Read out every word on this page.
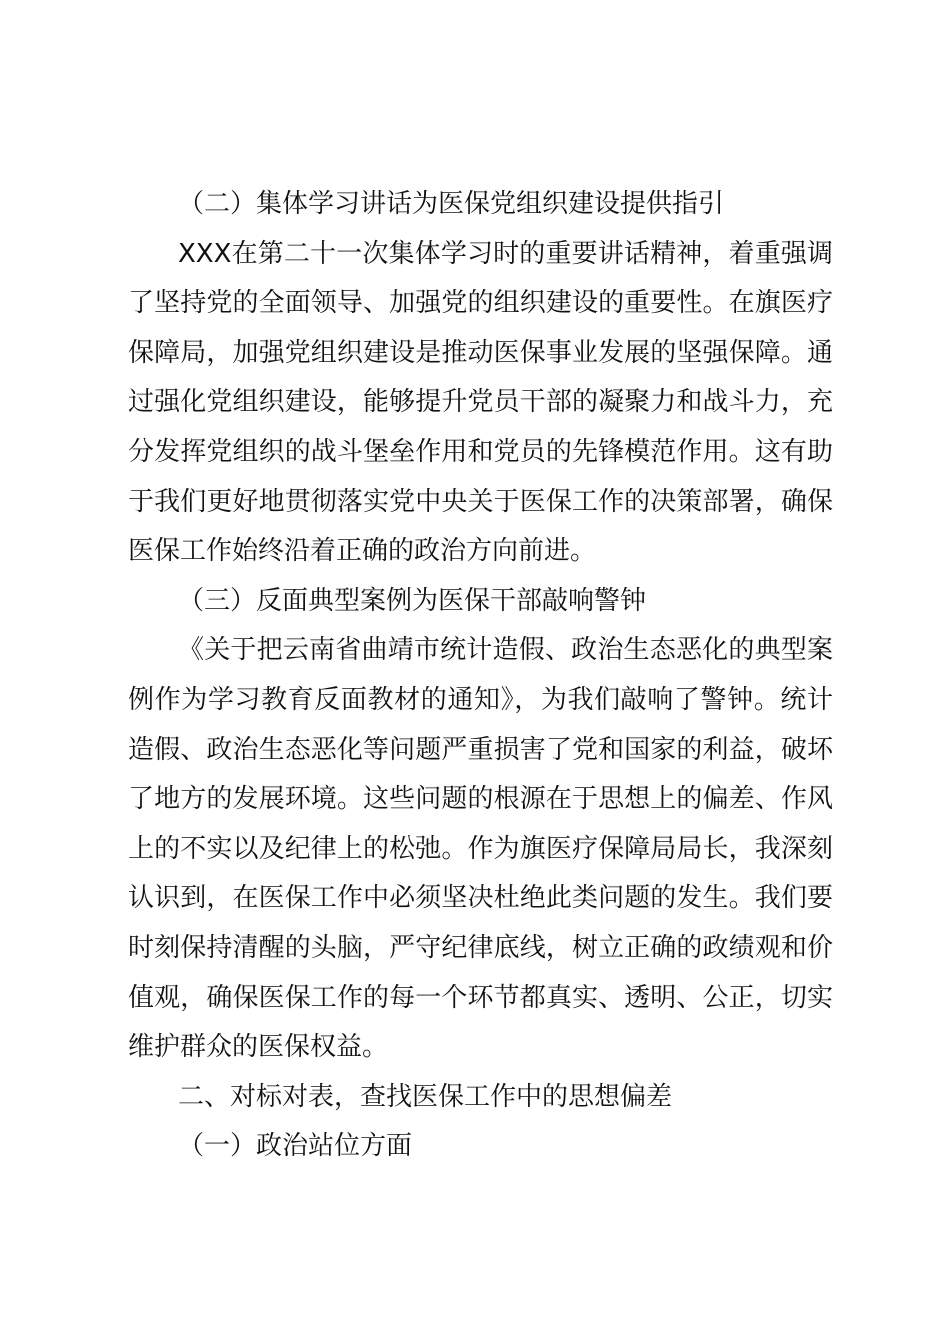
（二）集体学习讲话为医保党组织建设提供指引
XXX在第二十一次集体学习时的重要讲话精神，着重强调
了坚持党的全面领导、加强党的组织建设的重要性。在旗医疗
保障局，加强党组织建设是推动医保事业发展的坚强保障。通
过强化党组织建设，能够提升党员干部的凝聚力和战斗力，充
分发挥党组织的战斗堡垒作用和党员的先锋模范作用。这有助
于我们更好地贯彻落实党中央关于医保工作的决策部署，确保
医保工作始终沿着正确的政治方向前进。
（三）反面典型案例为医保干部敲响警钟
《关于把云南省曲靖市统计造假、政治生态恶化的典型案
例作为学习教育反面教材的通知》，为我们敲响了警钟。统计
造假、政治生态恶化等问题严重损害了党和国家的利益，破坏
了地方的发展环境。这些问题的根源在于思想上的偏差、作风
上的不实以及纪律上的松弛。作为旗医疗保障局局长，我深刻
认识到，在医保工作中必须坚决杜绝此类问题的发生。我们要
时刻保持清醒的头脑，严守纪律底线，树立正确的政绩观和价
值观，确保医保工作的每一个环节都真实、透明、公正，切实
维护群众的医保权益。
二、对标对表，查找医保工作中的思想偏差
（一）政治站位方面
